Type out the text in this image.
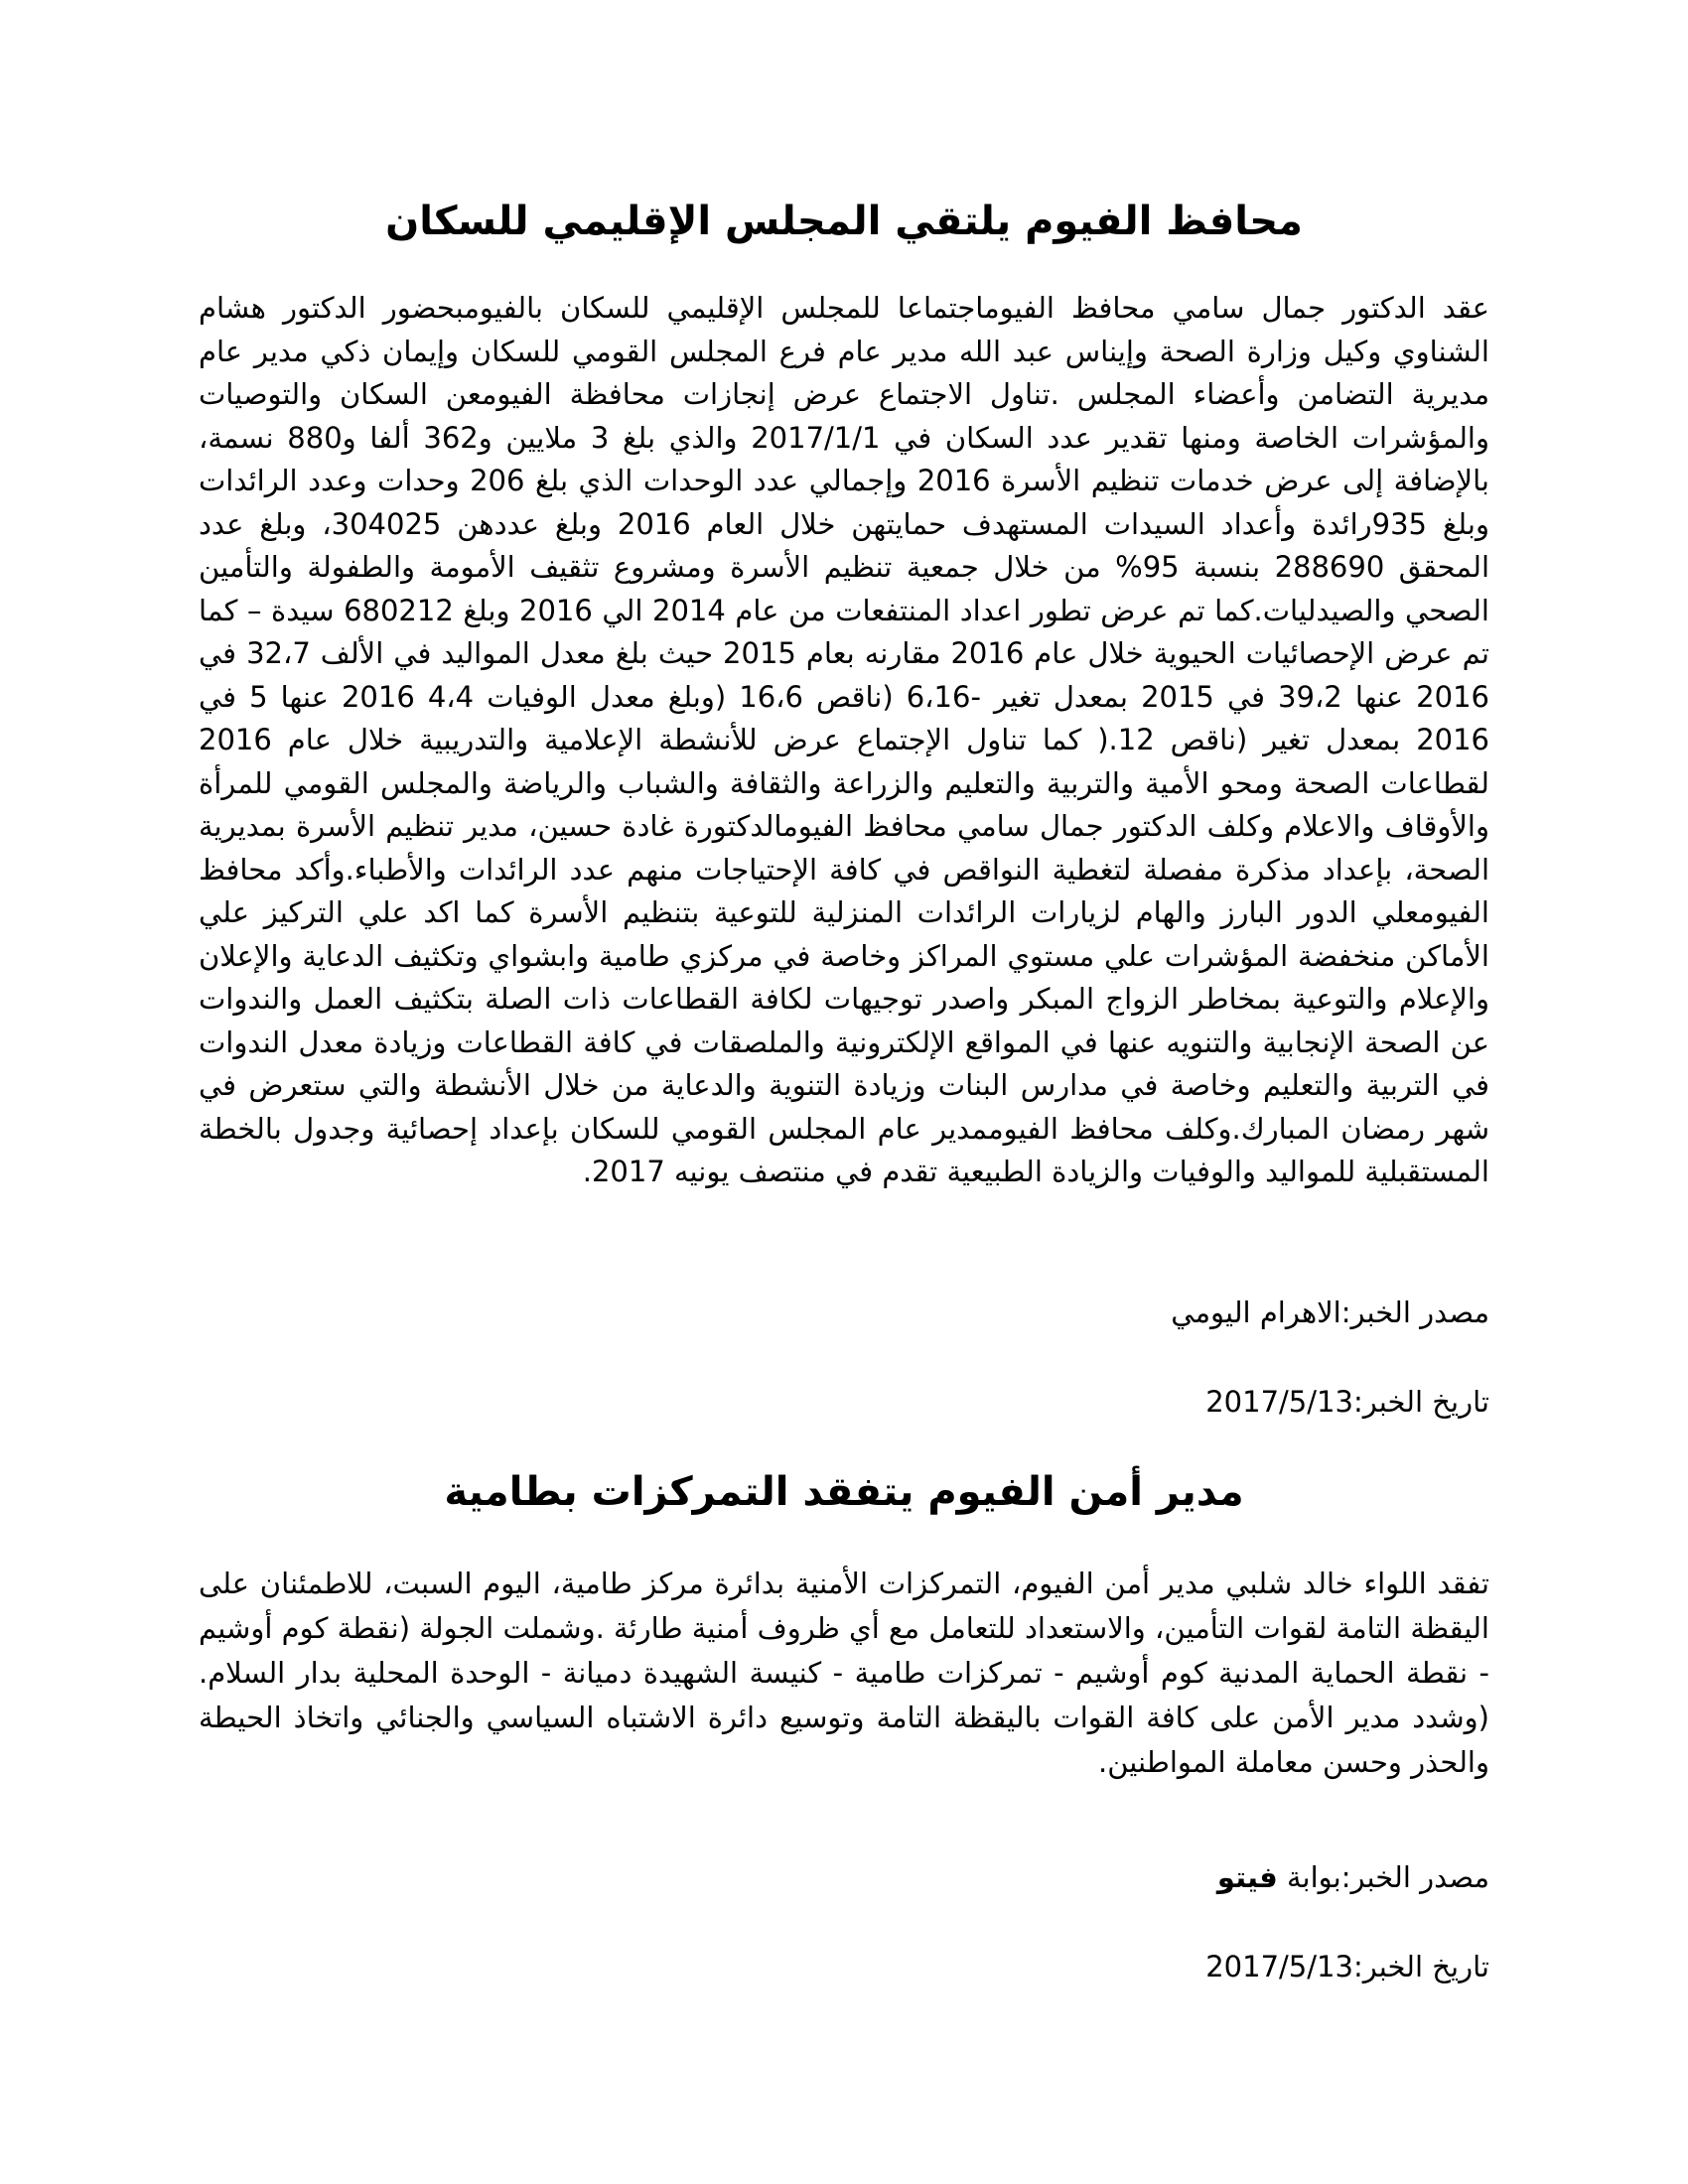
محافظ الفيوم يلتقي المجلس الإقليمي للسكان

عقد الدكتور جمال سامي محافظ الفيوماجتماعا للمجلس الإقليمي للسكان بالفيومبحضور الدكتور هشام الشناوي وكيل وزارة الصحة وإيناس عبد الله مدير عام فرع المجلس القومي للسكان وإيمان ذكي مدير عام مديرية التضامن وأعضاء المجلس .تناول الاجتماع عرض إنجازات محافظة الفيومعن السكان والتوصيات والمؤشرات الخاصة ومنها تقدير عدد السكان في 2017/1/1 والذي بلغ 3 ملايين و362 ألفا و880 نسمة، بالإضافة إلى عرض خدمات تنظيم الأسرة 2016 وإجمالي عدد الوحدات الذي بلغ 206 وحدات وعدد الرائدات وبلغ 935رائدة وأعداد السيدات المستهدف حمايتهن خلال العام 2016 وبلغ عددهن 304025، وبلغ عدد المحقق 288690 بنسبة 95% من خلال جمعية تنظيم الأسرة ومشروع تثقيف الأمومة والطفولة والتأمين الصحي والصيدليات.كما تم عرض تطور اعداد المنتفعات من عام 2014 الي 2016 وبلغ 680212 سيدة – كما تم عرض الإحصائيات الحيوية خلال عام 2016 مقارنه بعام 2015 حيث بلغ معدل المواليد في الألف 32،7 في 2016 عنها 39،2 في 2015 بمعدل تغير -6،16 (ناقص 16،6 (وبلغ معدل الوفيات 4،4 2016 عنها 5 في 2016 بمعدل تغير (ناقص 12.( كما تناول الإجتماع عرض للأنشطة الإعلامية والتدريبية خلال عام 2016 لقطاعات الصحة ومحو الأمية والتربية والتعليم والزراعة والثقافة والشباب والرياضة والمجلس القومي للمرأة والأوقاف والاعلام وكلف الدكتور جمال سامي محافظ الفيومالدكتورة غادة حسين، مدير تنظيم الأسرة بمديرية الصحة، بإعداد مذكرة مفصلة لتغطية النواقص في كافة الإحتياجات منهم عدد الرائدات والأطباء.وأكد محافظ الفيومعلي الدور البارز والهام لزيارات الرائدات المنزلية للتوعية بتنظيم الأسرة كما اكد علي التركيز علي الأماكن منخفضة المؤشرات علي مستوي المراكز وخاصة في مركزي طامية وابشواي وتكثيف الدعاية والإعلان والإعلام والتوعية بمخاطر الزواج المبكر واصدر توجيهات لكافة القطاعات ذات الصلة بتكثيف العمل والندوات عن الصحة الإنجابية والتنويه عنها في المواقع الإلكترونية والملصقات في كافة القطاعات وزيادة معدل الندوات في التربية والتعليم وخاصة في مدارس البنات وزيادة التنوية والدعاية من خلال الأنشطة والتي ستعرض في شهر رمضان المبارك.وكلف محافظ الفيوممدير عام المجلس القومي للسكان بإعداد إحصائية وجدول بالخطة المستقبلية للمواليد والوفيات والزيادة الطبيعية تقدم في منتصف يونيه 2017.

مصدر الخبر:الاهرام اليومي

تاريخ الخبر:2017/5/13

مدير أمن الفيوم يتفقد التمركزات بطامية

تفقد اللواء خالد شلبي مدير أمن الفيوم، التمركزات الأمنية بدائرة مركز طامية، اليوم السبت، للاطمئنان على اليقظة التامة لقوات التأمين، والاستعداد للتعامل مع أي ظروف أمنية طارئة .وشملت الجولة (نقطة كوم أوشيم - نقطة الحماية المدنية كوم أوشيم - تمركزات طامية - كنيسة الشهيدة دميانة - الوحدة المحلية بدار السلام.(وشدد مدير الأمن على كافة القوات باليقظة التامة وتوسيع دائرة الاشتباه السياسي والجنائي واتخاذ الحيطة والحذر وحسن معاملة المواطنين.

مصدر الخبر:بوابة فيتو

تاريخ الخبر:2017/5/13
